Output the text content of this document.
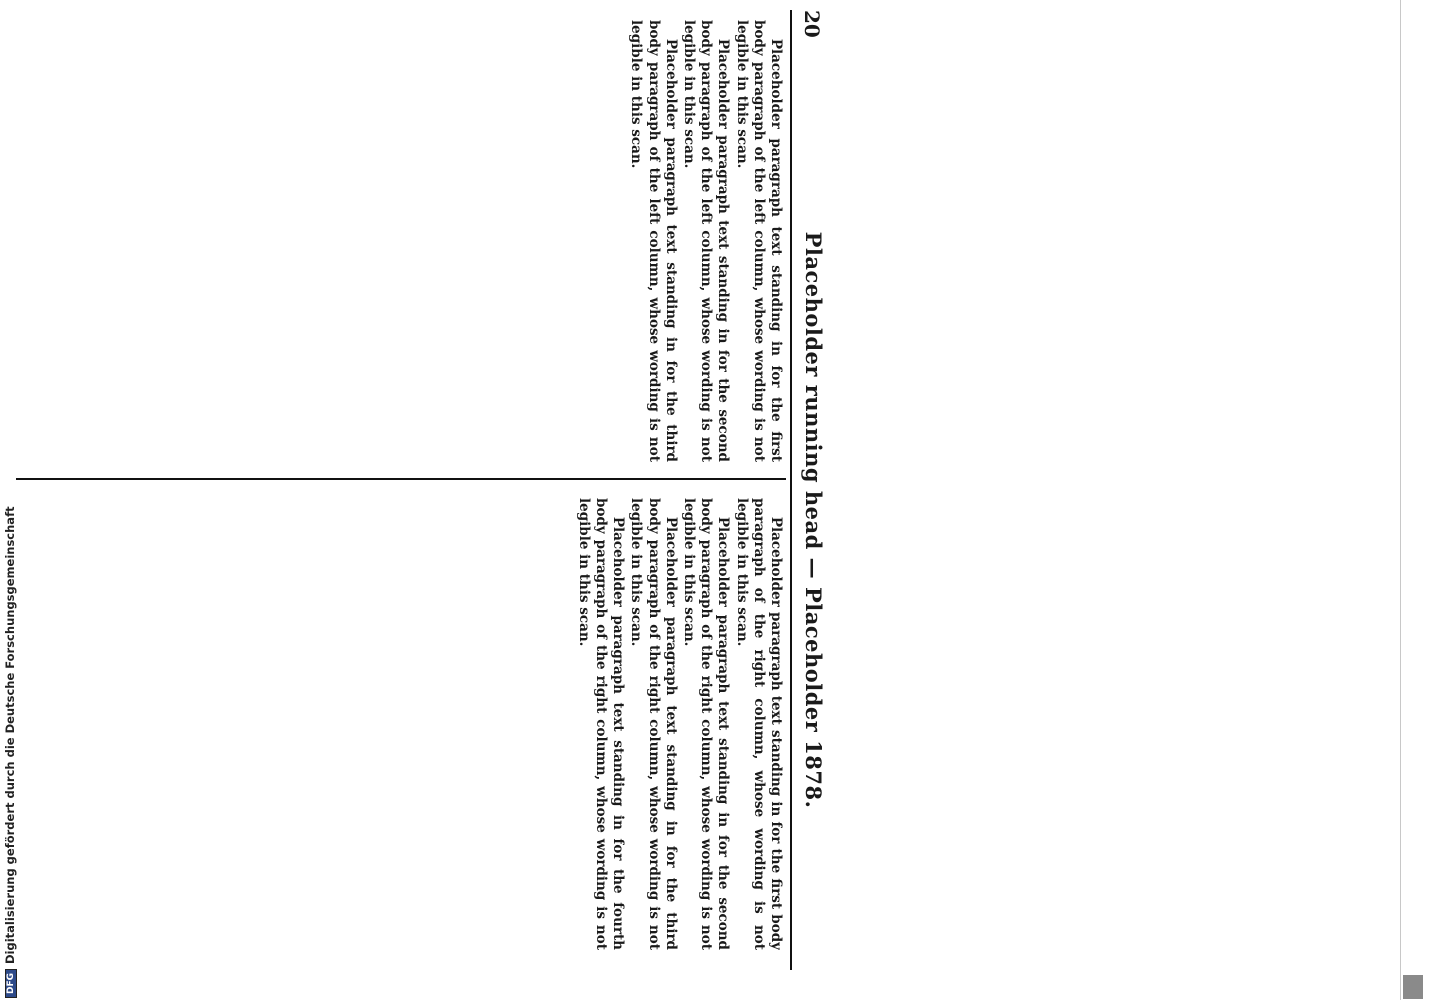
20
Placeholder running head — Placeholder 1878.

Placeholder paragraph text standing in for the first body paragraph of the left column, whose wording is not legible in this scan.

Placeholder paragraph text standing in for the second body paragraph of the left column, whose wording is not legible in this scan.

Placeholder paragraph text standing in for the third body paragraph of the left column, whose wording is not legible in this scan.

Placeholder paragraph text standing in for the first body paragraph of the right column, whose wording is not legible in this scan.

Placeholder paragraph text standing in for the second body paragraph of the right column, whose wording is not legible in this scan.

Placeholder paragraph text standing in for the third body paragraph of the right column, whose wording is not legible in this scan.

Placeholder paragraph text standing in for the fourth body paragraph of the right column, whose wording is not legible in this scan.

DFGDigitalisierung gefördert durch die Deutsche Forschungsgemeinschaft
